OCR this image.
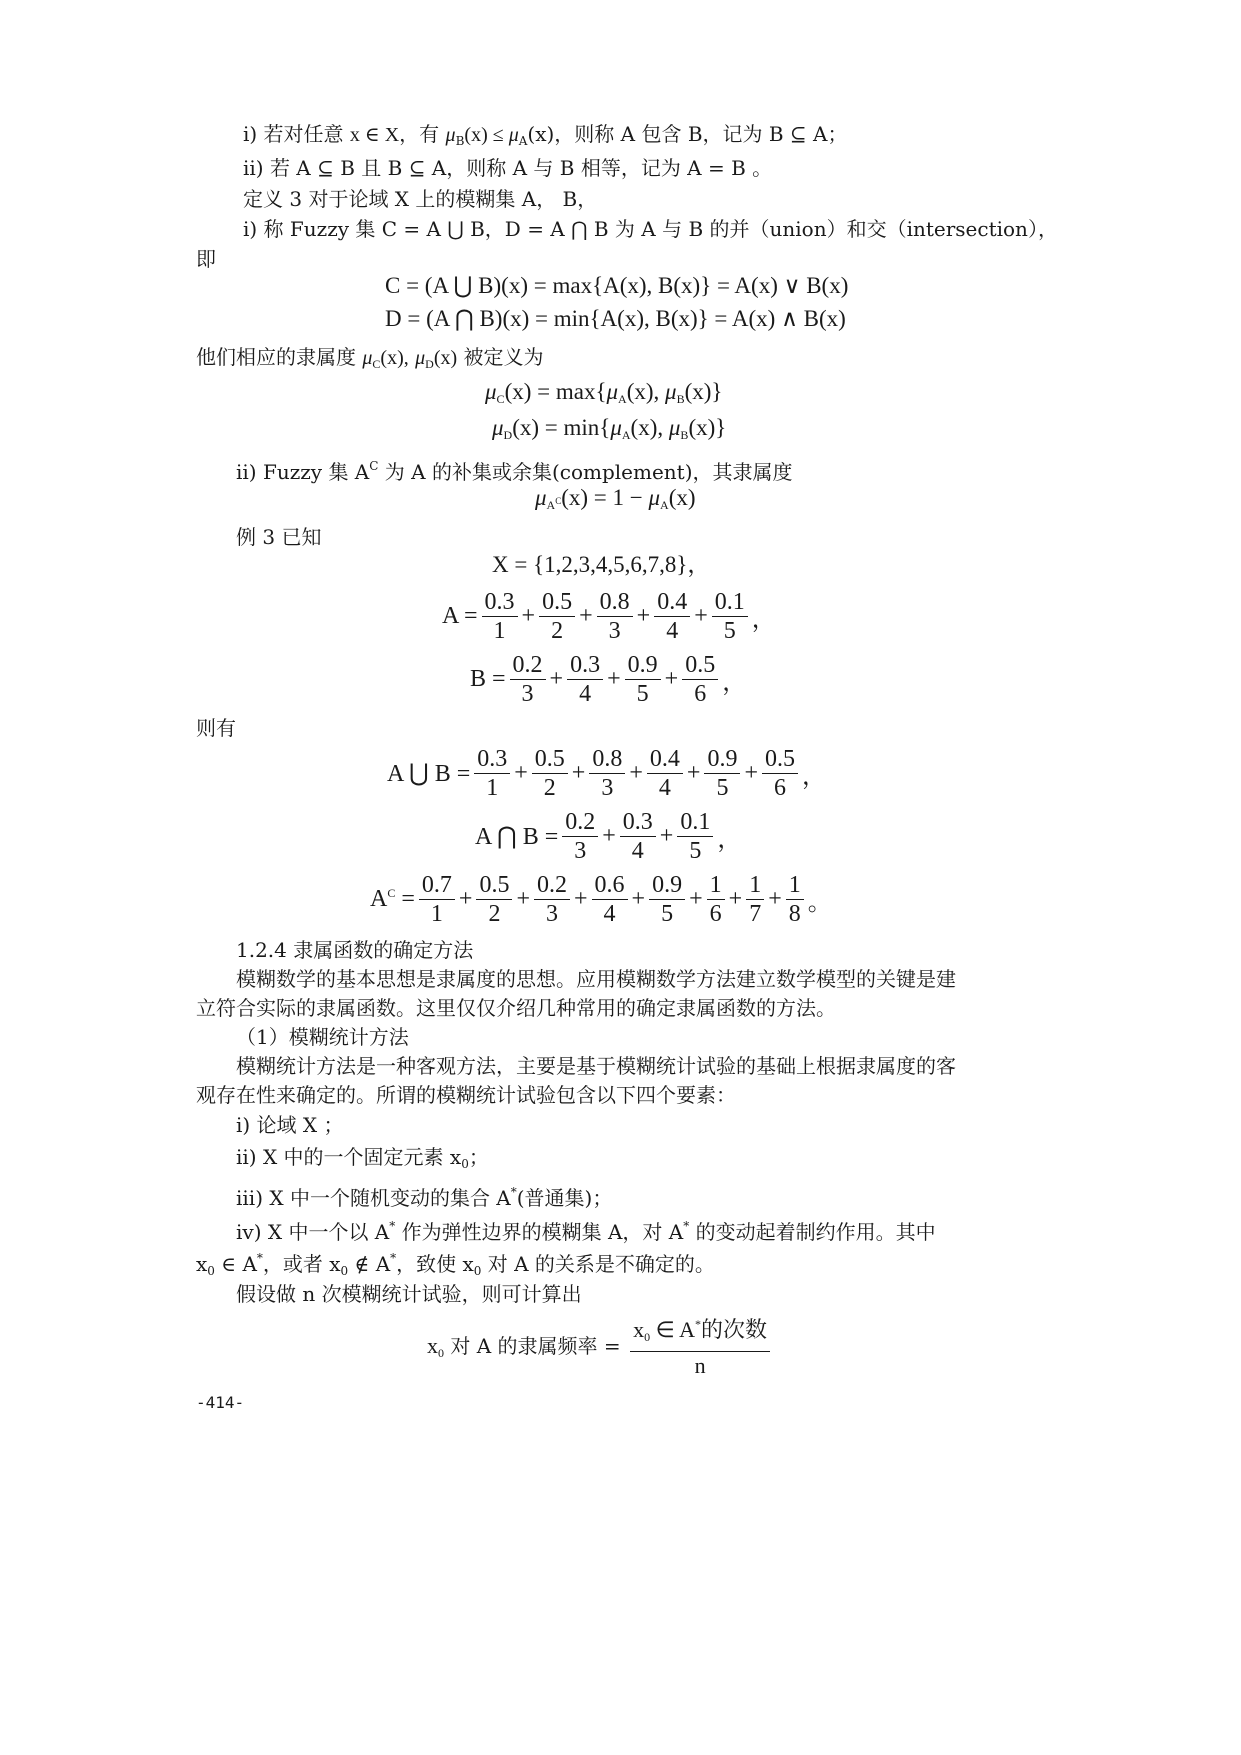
i) 若对任意 x ∈ X，有 $\mu_B(x) \le \mu_A(x)$，则称 A 包含 B，记为 B ⊆ A；
ii) 若 A ⊆ B 且 B ⊆ A，则称 A 与 B 相等，记为 A = B 。
定义 3 对于论域 X 上的模糊集 A， B，
i) 称 Fuzzy 集 C = A ⋃ B，D = A ⋂ B 为 A 与 B 的并（union）和交（intersection），
即
C = (A ⋃ B)(x) = max{A(x), B(x)} = A(x) ∨ B(x)
D = (A ⋂ B)(x) = min{A(x), B(x)} = A(x) ∧ B(x)
他们相应的隶属度 $\mu_C(x)$, $\mu_D(x)$ 被定义为
$\mu_C(x) = \max\{\mu_A(x)$, $\mu_B(x)$}
$\mu_D(x) = \min\{\mu_A(x)$, $\mu_B(x)$}
ii) Fuzzy 集 $A^C$ 为 A 的补集或余集(complement)，其隶属度
$\mu_{A^C}(x) = 1 - \mu_A(x)$
例 3 已知
X = {1,2,3,4,5,6,7,8}，
$A = \frac{0.3}{1} + \frac{0.5}{2} + \frac{0.8}{3} + \frac{0.4}{4} + \frac{0.1}{5}$ ，
$B = \frac{0.2}{3} + \frac{0.3}{4} + \frac{0.9}{5} + \frac{0.5}{6}$ ，
则有
A ⋃ $B = \frac{0.3}{1} + \frac{0.5}{2} + \frac{0.8}{3} + \frac{0.4}{4} + \frac{0.9}{5} + \frac{0.5}{6}$ ，
A ⋂ $B = \frac{0.2}{3} + \frac{0.3}{4} + \frac{0.1}{5}$ ，
$A^C = \frac{0.7}{1} + \frac{0.5}{2} + \frac{0.2}{3} + \frac{0.6}{4} + \frac{0.9}{5} + \frac{1}{6} + \frac{1}{7} + \frac{1}{8}$ 。
1.2.4 隶属函数的确定方法
模糊数学的基本思想是隶属度的思想。应用模糊数学方法建立数学模型的关键是建
立符合实际的隶属函数。这里仅仅介绍几种常用的确定隶属函数的方法。
（1）模糊统计方法
模糊统计方法是一种客观方法，主要是基于模糊统计试验的基础上根据隶属度的客
观存在性来确定的。所谓的模糊统计试验包含以下四个要素：
i) 论域 X ；
ii) X 中的一个固定元素 $x_0$；
iii) X 中一个随机变动的集合 A*(普通集)；
iv) X 中一个以 A* 作为弹性边界的模糊集 A，对 A* 的变动起着制约作用。其中
$x_0$ ∈ A*，或者 $x_0$ ∉ A*，致使 $x_0$ 对 A 的关系是不确定的。
假设做 n 次模糊统计试验，则可计算出
$x_0$ 对 A 的隶属频率 = $\frac{x_0 \in A^*的次数}{n}$
-414-
